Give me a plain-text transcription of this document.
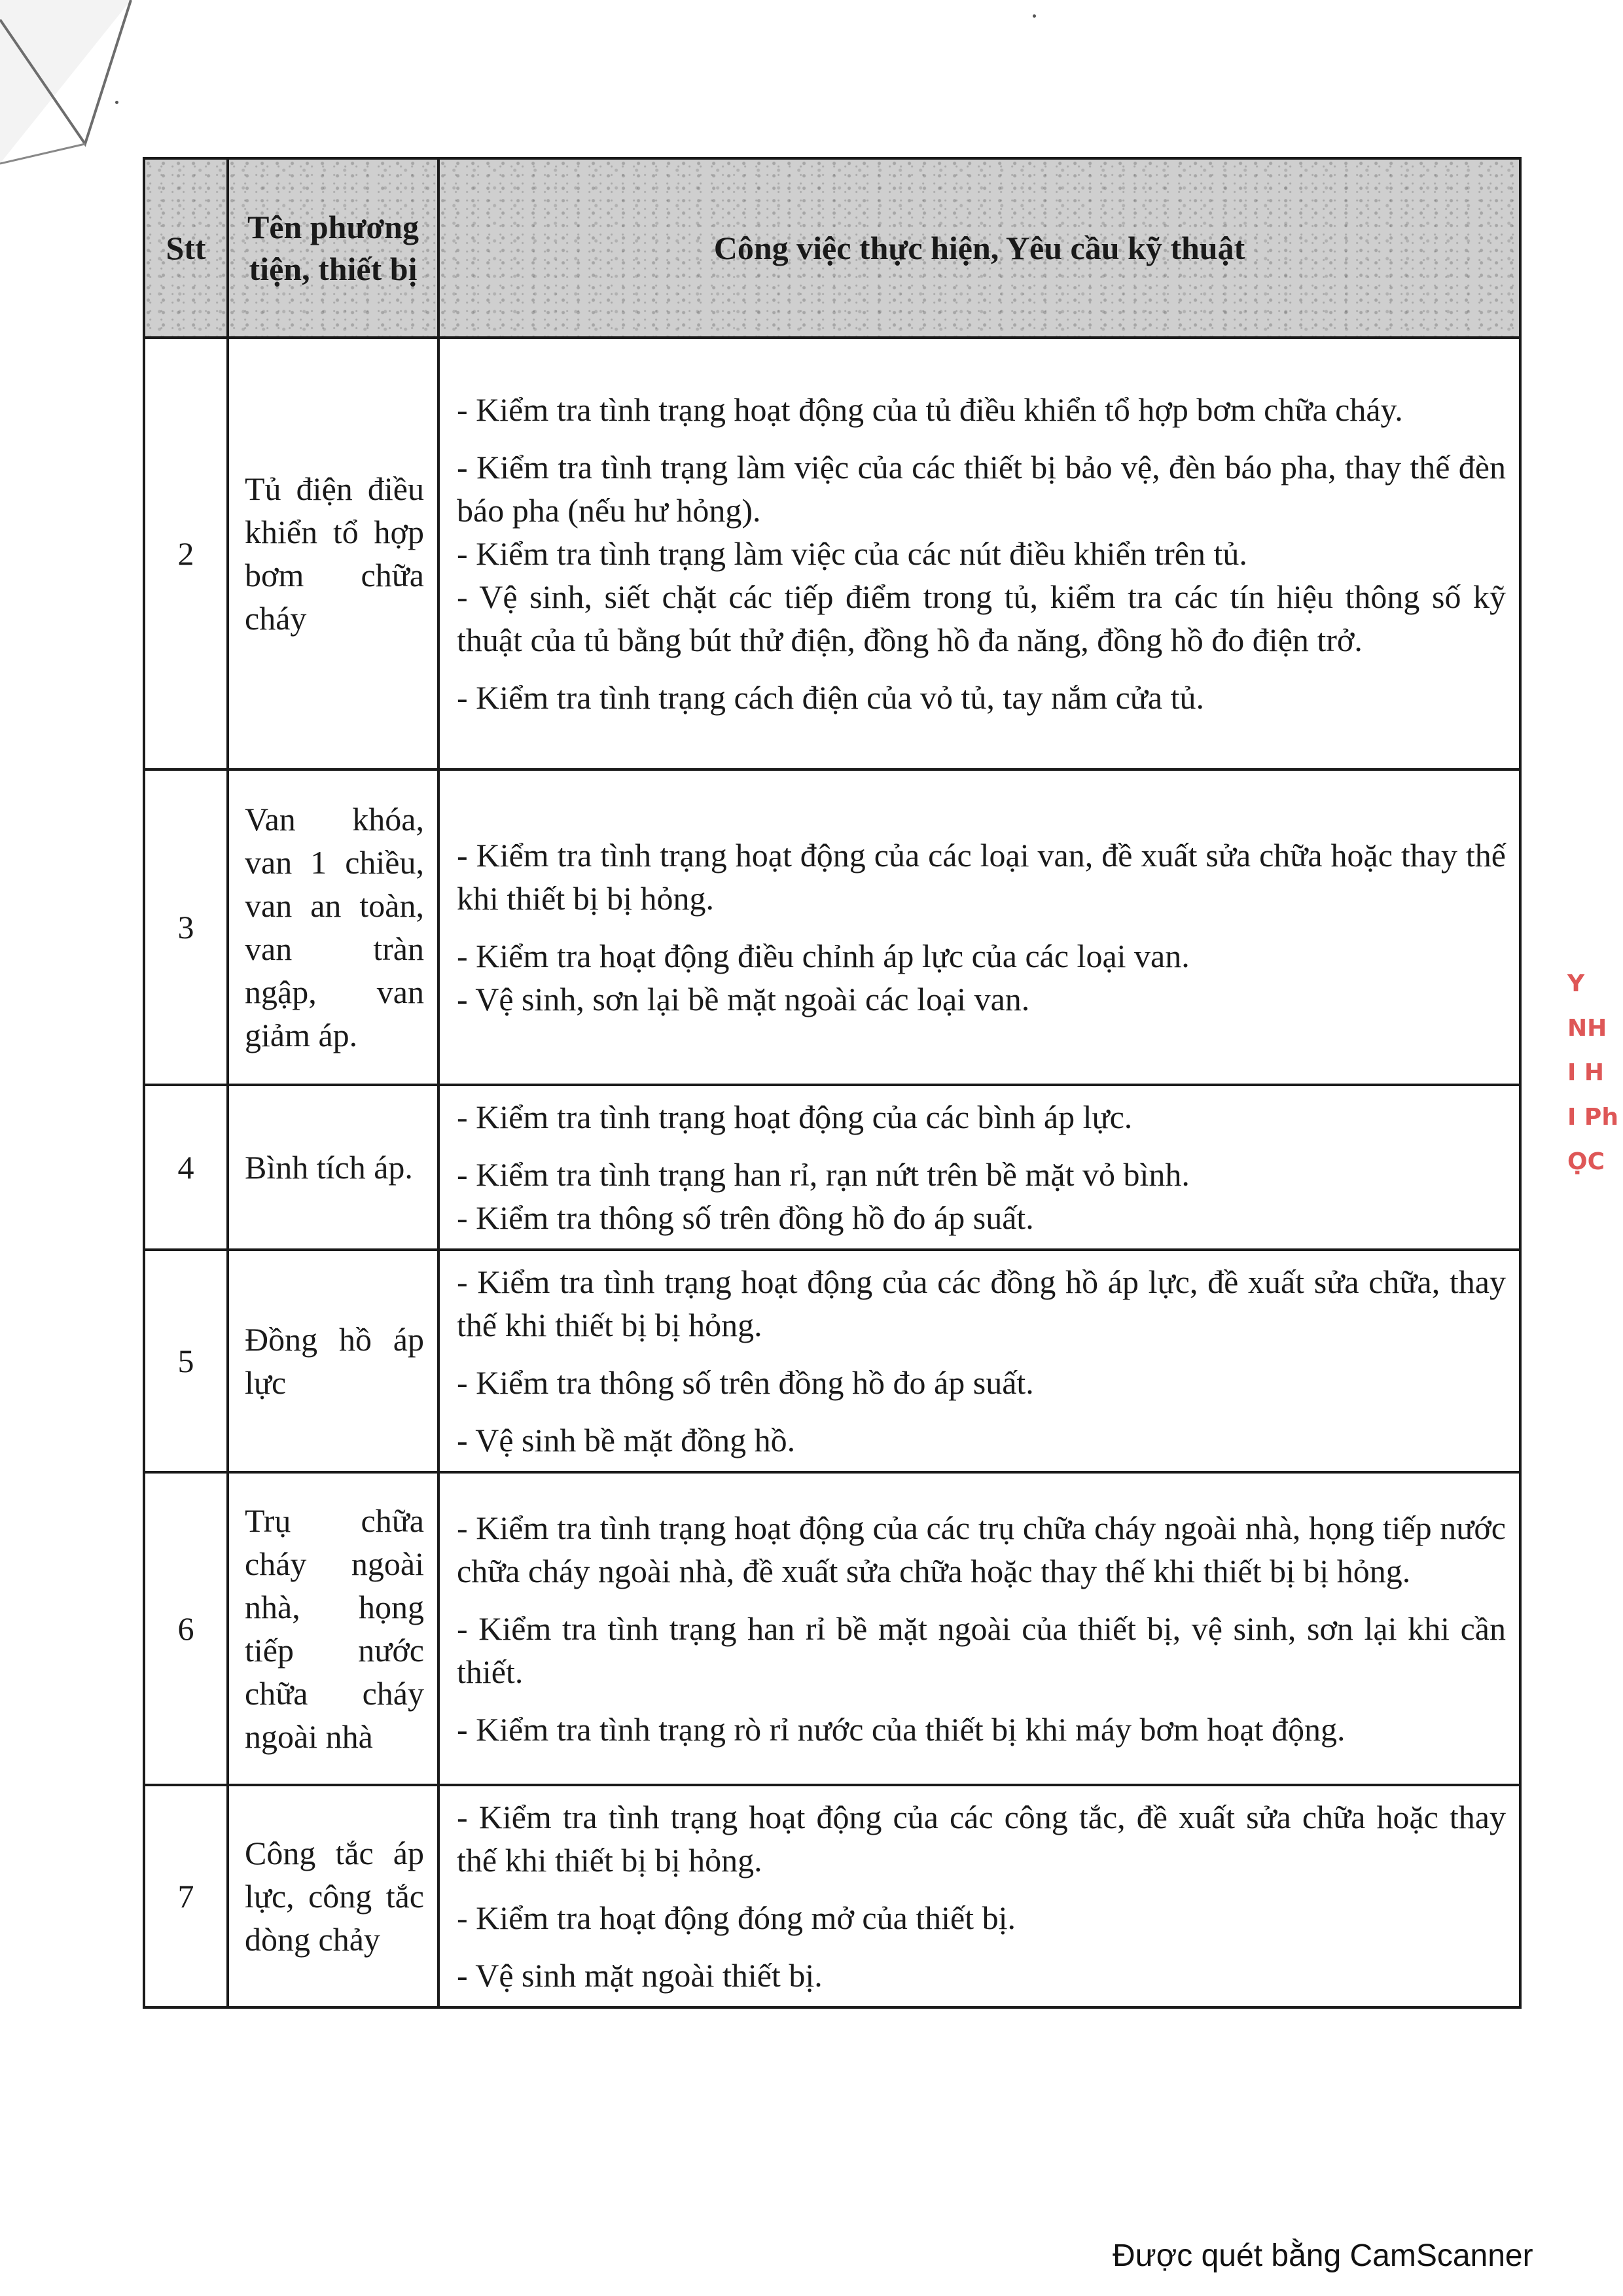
Stt	Tên phương tiện, thiết bị	Công việc thực hiện, Yêu cầu kỹ thuật
2	Tủ điện điều khiển tổ hợp bơm chữa cháy	- Kiểm tra tình trạng hoạt động của tủ điều khiển tổ hợp bơm chữa cháy.

- Kiểm tra tình trạng làm việc của các thiết bị bảo vệ, đèn báo pha, thay thế đèn báo pha (nếu hư hỏng).

- Kiểm tra tình trạng làm việc của các nút điều khiển trên tủ.

- Vệ sinh, siết chặt các tiếp điểm trong tủ, kiểm tra các tín hiệu thông số kỹ thuật của tủ bằng bút thử điện, đồng hồ đa năng, đồng hồ đo điện trở.

- Kiểm tra tình trạng cách điện của vỏ tủ, tay nắm cửa tủ.

3	Van khóa, van 1 chiều, van an toàn, van tràn ngập, van giảm áp.	- Kiểm tra tình trạng hoạt động của các loại van, đề xuất sửa chữa hoặc thay thế khi thiết bị bị hỏng.

- Kiểm tra hoạt động điều chỉnh áp lực của các loại van.

- Vệ sinh, sơn lại bề mặt ngoài các loại van.

4	Bình tích áp.	- Kiểm tra tình trạng hoạt động của các bình áp lực.

- Kiểm tra tình trạng han rỉ, rạn nứt trên bề mặt vỏ bình.

- Kiểm tra thông số trên đồng hồ đo áp suất.

5	Đồng hồ áp lực	- Kiểm tra tình trạng hoạt động của các đồng hồ áp lực, đề xuất sửa chữa, thay thế khi thiết bị bị hỏng.

- Kiểm tra thông số trên đồng hồ đo áp suất.

- Vệ sinh bề mặt đồng hồ.

6	Trụ chữa cháy ngoài nhà, họng tiếp nước chữa cháy ngoài nhà	- Kiểm tra tình trạng hoạt động của các trụ chữa cháy ngoài nhà, họng tiếp nước chữa cháy ngoài nhà, đề xuất sửa chữa hoặc thay thế khi thiết bị bị hỏng.

- Kiểm tra tình trạng han rỉ bề mặt ngoài của thiết bị, vệ sinh, sơn lại khi cần thiết.

- Kiểm tra tình trạng rò rỉ nước của thiết bị khi máy bơm hoạt động.

7	Công tắc áp lực, công tắc dòng chảy	- Kiểm tra tình trạng hoạt động của các công tắc, đề xuất sửa chữa hoặc thay thế khi thiết bị bị hỏng.

- Kiểm tra hoạt động đóng mở của thiết bị.

- Vệ sinh mặt ngoài thiết bị.

Y
NH
I H
I Ph
ỌC
Được quét bằng CamScanner
